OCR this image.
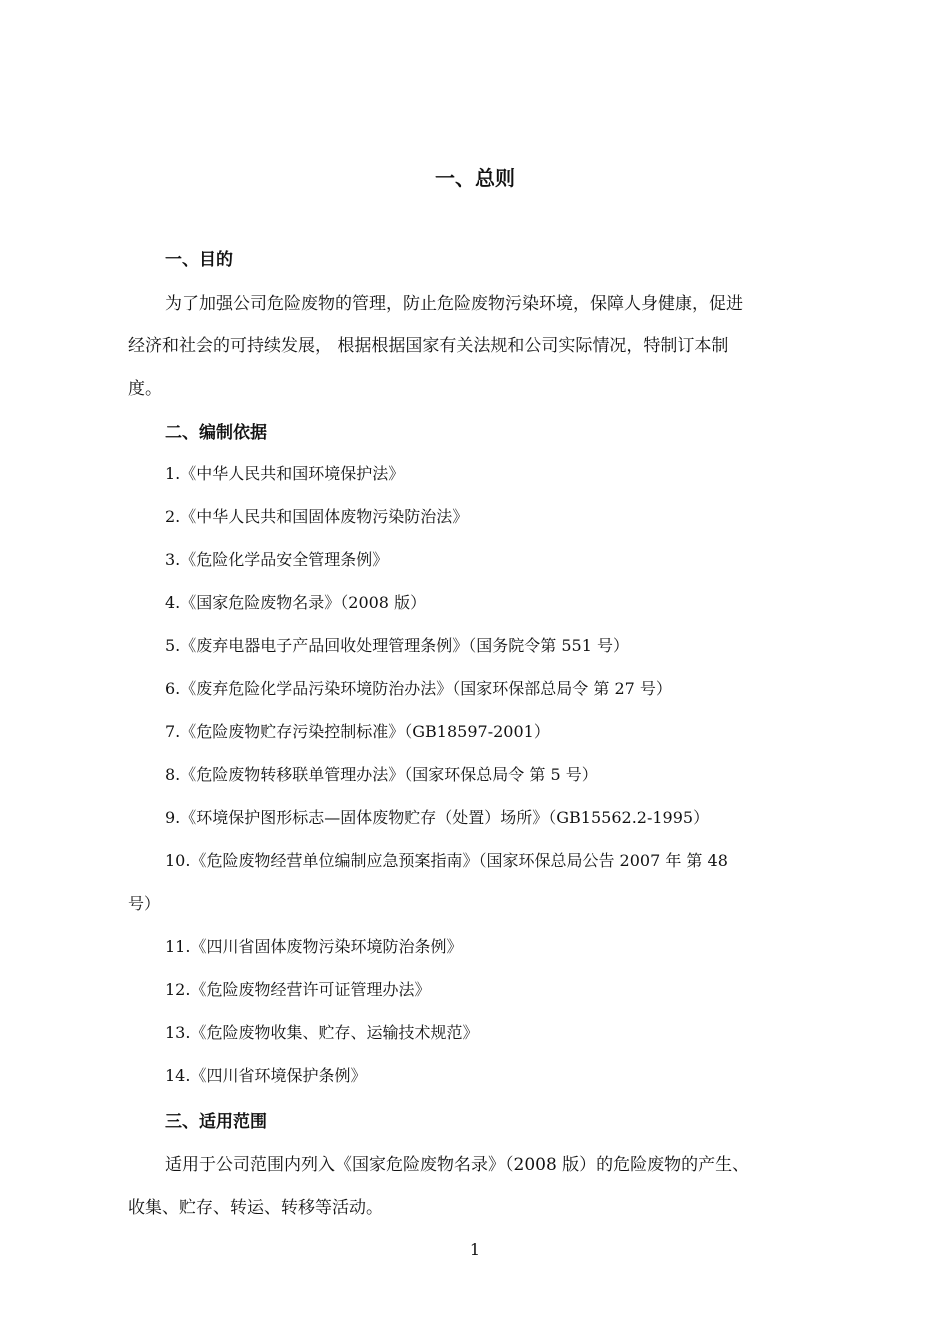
一、总则
一、目的
为了加强公司危险废物的管理，防止危险废物污染环境，保障人身健康，促进
经济和社会的可持续发展， 根据根据国家有关法规和公司实际情况，特制订本制
度。
二、编制依据
1.《中华人民共和国环境保护法》
2.《中华人民共和国固体废物污染防治法》
3.《危险化学品安全管理条例》
4.《国家危险废物名录》（2008 版）
5.《废弃电器电子产品回收处理管理条例》（国务院令第 551 号）
6.《废弃危险化学品污染环境防治办法》（国家环保部总局令 第 27 号）
7.《危险废物贮存污染控制标准》（GB18597-2001）
8.《危险废物转移联单管理办法》（国家环保总局令 第 5 号）
9.《环境保护图形标志—固体废物贮存（处置）场所》（GB15562.2-1995）
10.《危险废物经营单位编制应急预案指南》（国家环保总局公告 2007 年 第 48
号）
11.《四川省固体废物污染环境防治条例》
12.《危险废物经营许可证管理办法》
13.《危险废物收集、贮存、运输技术规范》
14.《四川省环境保护条例》
三、适用范围
适用于公司范围内列入《国家危险废物名录》（2008 版）的危险废物的产生、
收集、贮存、转运、转移等活动。
1
